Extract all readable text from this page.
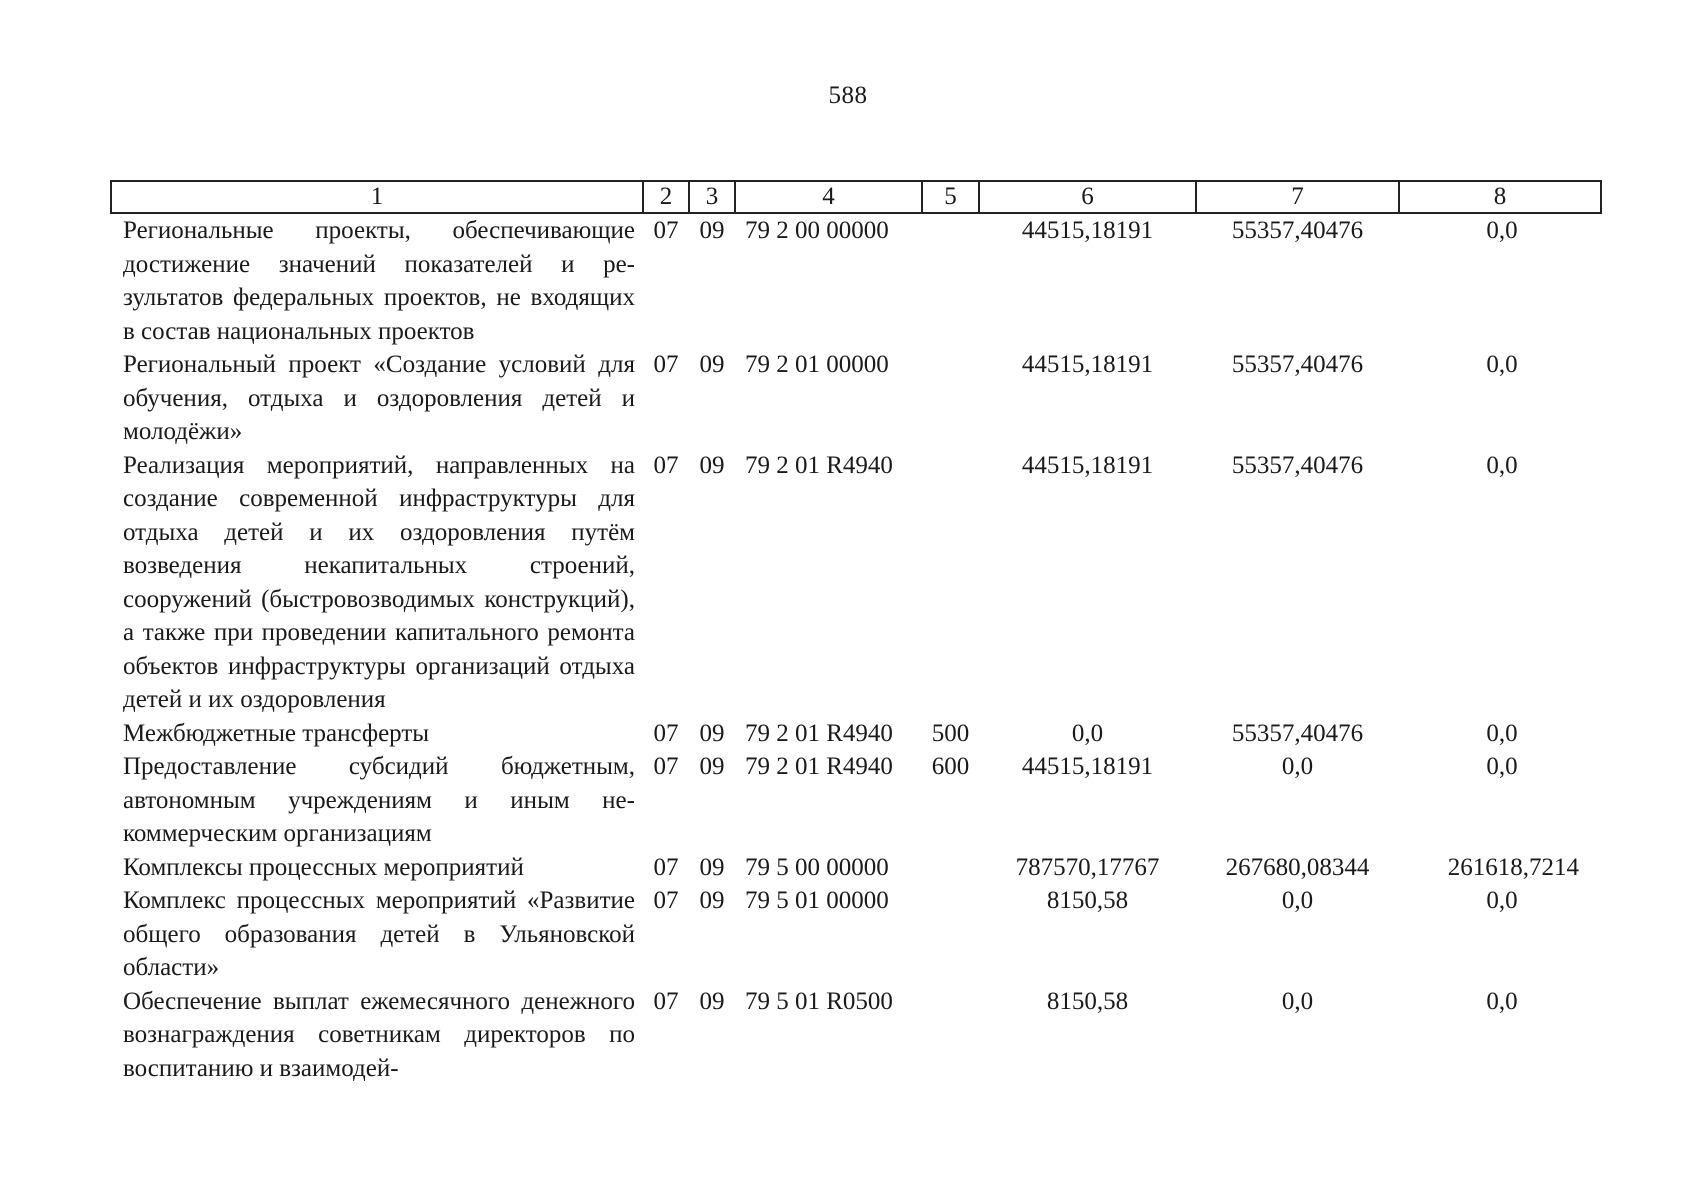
588
1	2	3	4	5	6	7	8
Региональные проекты, обеспечивающие достижение значений показателей и результатов федеральных проектов, не входящих в состав национальных проектов	07	09	79 2 00 00000		44515,18191	55357,40476	0,0
Региональный проект «Создание условий для обучения, отдыха и оздоровления детей и молодёжи»	07	09	79 2 01 00000		44515,18191	55357,40476	0,0
Реализация мероприятий, направленных на создание современной инфраструктуры для отдыха детей и их оздоровления путём возведения некапитальных строений, сооружений (быстровозводимых конструкций), а также при проведении капитального ремонта объектов инфраструктуры организаций отдыха детей и их оздоровления	07	09	79 2 01 R4940		44515,18191	55357,40476	0,0
Межбюджетные трансферты	07	09	79 2 01 R4940	500	0,0	55357,40476	0,0
Предоставление субсидий бюджетным, автономным учреждениям и иным некоммерческим организациям	07	09	79 2 01 R4940	600	44515,18191	0,0	0,0
Комплексы процессных мероприятий	07	09	79 5 00 00000		787570,17767	267680,08344	261618,7214
Комплекс процессных мероприятий «Развитие общего образования детей в Ульяновской области»	07	09	79 5 01 00000		8150,58	0,0	0,0
Обеспечение выплат ежемесячного денежного вознаграждения советникам директоров по воспитанию и взаимодей-	07	09	79 5 01 R0500		8150,58	0,0	0,0
